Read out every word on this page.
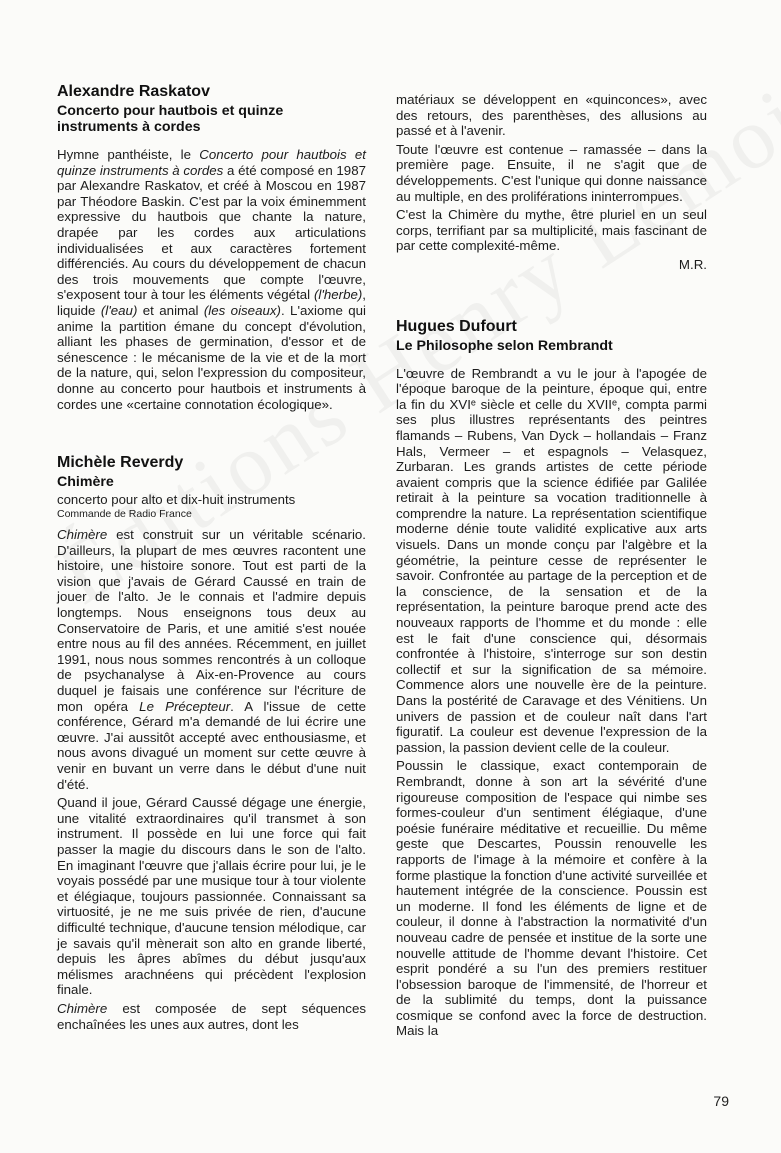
Alexandre Raskatov
Concerto pour hautbois et quinze instruments à cordes

Hymne panthéiste, le Concerto pour hautbois et quinze instruments à cordes a été composé en 1987 par Alexandre Raskatov, et créé à Moscou en 1987 par Théodore Baskin. C'est par la voix éminemment expressive du hautbois que chante la nature, drapée par les cordes aux articulations individualisées et aux caractères fortement différenciés. Au cours du développement de chacun des trois mouvements que compte l'œuvre, s'exposent tour à tour les éléments végétal (l'herbe), liquide (l'eau) et animal (les oiseaux). L'axiome qui anime la partition émane du concept d'évolution, alliant les phases de germination, d'essor et de sénescence : le mécanisme de la vie et de la mort de la nature, qui, selon l'expression du compositeur, donne au concerto pour hautbois et instruments à cordes une «certaine connotation écologique».

Michèle Reverdy
Chimère
concerto pour alto et dix-huit instruments
Commande de Radio France

Chimère est construit sur un véritable scénario. D'ailleurs, la plupart de mes œuvres racontent une histoire, une histoire sonore. Tout est parti de la vision que j'avais de Gérard Caussé en train de jouer de l'alto. Je le connais et l'admire depuis longtemps. Nous enseignons tous deux au Conservatoire de Paris, et une amitié s'est nouée entre nous au fil des années. Récemment, en juillet 1991, nous nous sommes rencontrés à un colloque de psychanalyse à Aix-en-Provence au cours duquel je faisais une conférence sur l'écriture de mon opéra Le Précepteur. A l'issue de cette conférence, Gérard m'a demandé de lui écrire une œuvre. J'ai aussitôt accepté avec enthousiasme, et nous avons divagué un moment sur cette œuvre à venir en buvant un verre dans le début d'une nuit d'été.

Quand il joue, Gérard Caussé dégage une énergie, une vitalité extraordinaires qu'il transmet à son instrument. Il possède en lui une force qui fait passer la magie du discours dans le son de l'alto. En imaginant l'œuvre que j'allais écrire pour lui, je le voyais possédé par une musique tour à tour violente et élégiaque, toujours passionnée. Connaissant sa virtuosité, je ne me suis privée de rien, d'aucune difficulté technique, d'aucune tension mélodique, car je savais qu'il mènerait son alto en grande liberté, depuis les âpres abîmes du début jusqu'aux mélismes arachnéens qui précèdent l'explosion finale.

Chimère est composée de sept séquences enchaînées les unes aux autres, dont les

matériaux se développent en «quinconces», avec des retours, des parenthèses, des allusions au passé et à l'avenir.

Toute l'œuvre est contenue – ramassée – dans la première page. Ensuite, il ne s'agit que de développements. C'est l'unique qui donne naissance au multiple, en des proliférations ininterrompues.

C'est la Chimère du mythe, être pluriel en un seul corps, terrifiant par sa multiplicité, mais fascinant de par cette complexité-même.

M.R.

Hugues Dufourt
Le Philosophe selon Rembrandt

L'œuvre de Rembrandt a vu le jour à l'apogée de l'époque baroque de la peinture, époque qui, entre la fin du XVIᵉ siècle et celle du XVIIᵉ, compta parmi ses plus illustres représentants des peintres flamands – Rubens, Van Dyck – hollandais – Franz Hals, Vermeer – et espagnols – Velasquez, Zurbaran. Les grands artistes de cette période avaient compris que la science édifiée par Galilée retirait à la peinture sa vocation traditionnelle à comprendre la nature. La représentation scientifique moderne dénie toute validité explicative aux arts visuels. Dans un monde conçu par l'algèbre et la géométrie, la peinture cesse de représenter le savoir. Confrontée au partage de la perception et de la conscience, de la sensation et de la représentation, la peinture baroque prend acte des nouveaux rapports de l'homme et du monde : elle est le fait d'une conscience qui, désormais confrontée à l'histoire, s'interroge sur son destin collectif et sur la signification de sa mémoire. Commence alors une nouvelle ère de la peinture. Dans la postérité de Caravage et des Vénitiens. Un univers de passion et de couleur naît dans l'art figuratif. La couleur est devenue l'expression de la passion, la passion devient celle de la couleur.

Poussin le classique, exact contemporain de Rembrandt, donne à son art la sévérité d'une rigoureuse composition de l'espace qui nimbe ses formes-couleur d'un sentiment élégiaque, d'une poésie funéraire méditative et recueillie. Du même geste que Descartes, Poussin renouvelle les rapports de l'image à la mémoire et confère à la forme plastique la fonction d'une activité surveillée et hautement intégrée de la conscience. Poussin est un moderne. Il fond les éléments de ligne et de couleur, il donne à l'abstraction la normativité d'un nouveau cadre de pensée et institue de la sorte une nouvelle attitude de l'homme devant l'histoire. Cet esprit pondéré a su l'un des premiers restituer l'obsession baroque de l'immensité, de l'horreur et de la sublimité du temps, dont la puissance cosmique se confond avec la force de destruction. Mais la

79
